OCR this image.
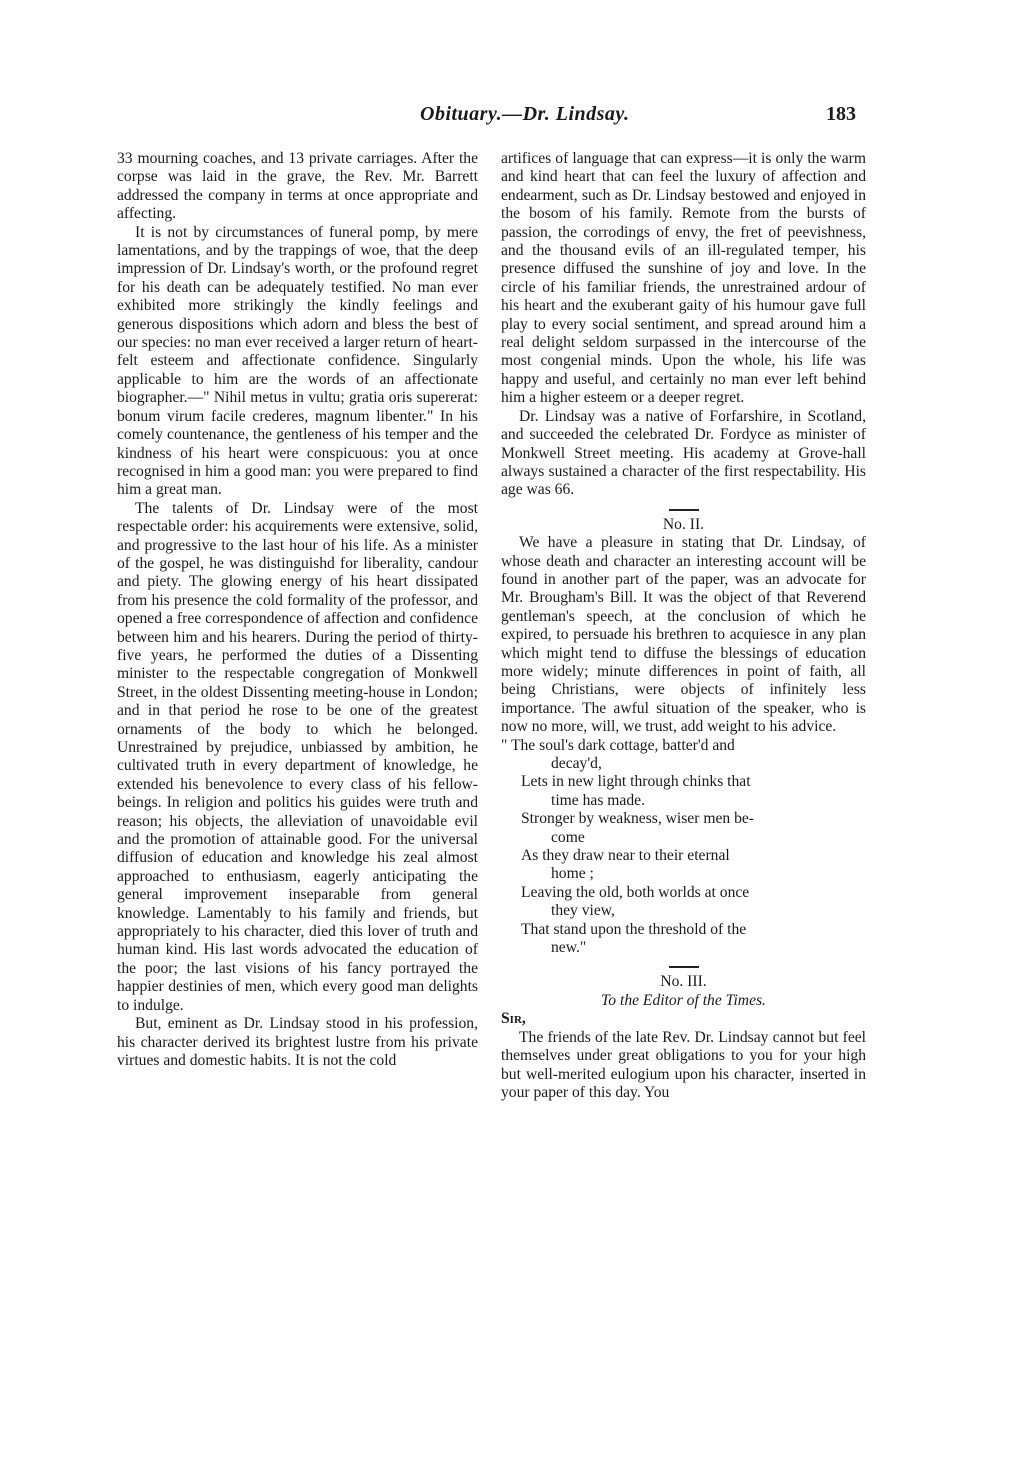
Obituary.—Dr. Lindsay.	183

33 mourning coaches, and 13 private carriages. After the corpse was laid in the grave, the Rev. Mr. Barrett addressed the company in terms at once appropriate and affecting.

It is not by circumstances of funeral pomp, by mere lamentations, and by the trappings of woe, that the deep impression of Dr. Lindsay's worth, or the profound regret for his death can be adequately testified. No man ever exhibited more strikingly the kindly feelings and generous dispositions which adorn and bless the best of our species: no man ever received a larger return of heart-felt esteem and affectionate confidence. Singularly applicable to him are the words of an affectionate biographer.—" Nihil metus in vultu; gratia oris supererat: bonum virum facile crederes, magnum libenter." In his comely countenance, the gentleness of his temper and the kindness of his heart were conspicuous: you at once recognised in him a good man: you were prepared to find him a great man.

The talents of Dr. Lindsay were of the most respectable order: his acquirements were extensive, solid, and progressive to the last hour of his life. As a minister of the gospel, he was distinguishd for liberality, candour and piety. The glowing energy of his heart dissipated from his presence the cold formality of the professor, and opened a free correspondence of affection and confidence between him and his hearers. During the period of thirty-five years, he performed the duties of a Dissenting minister to the respectable congregation of Monkwell Street, in the oldest Dissenting meeting-house in London; and in that period he rose to be one of the greatest ornaments of the body to which he belonged. Unrestrained by prejudice, unbiassed by ambition, he cultivated truth in every department of knowledge, he extended his benevolence to every class of his fellow-beings. In religion and politics his guides were truth and reason; his objects, the alleviation of unavoidable evil and the promotion of attainable good. For the universal diffusion of education and knowledge his zeal almost approached to enthusiasm, eagerly anticipating the general improvement inseparable from general knowledge. Lamentably to his family and friends, but appropriately to his character, died this lover of truth and human kind. His last words advocated the education of the poor; the last visions of his fancy portrayed the happier destinies of men, which every good man delights to indulge.

But, eminent as Dr. Lindsay stood in his profession, his character derived its brightest lustre from his private virtues and domestic habits. It is not the cold

artifices of language that can express—it is only the warm and kind heart that can feel the luxury of affection and endearment, such as Dr. Lindsay bestowed and enjoyed in the bosom of his family. Remote from the bursts of passion, the corrodings of envy, the fret of peevishness, and the thousand evils of an ill-regulated temper, his presence diffused the sunshine of joy and love. In the circle of his familiar friends, the unrestrained ardour of his heart and the exuberant gaity of his humour gave full play to every social sentiment, and spread around him a real delight seldom surpassed in the intercourse of the most congenial minds. Upon the whole, his life was happy and useful, and certainly no man ever left behind him a higher esteem or a deeper regret.

Dr. Lindsay was a native of Forfarshire, in Scotland, and succeeded the celebrated Dr. Fordyce as minister of Monkwell Street meeting. His academy at Grove-hall always sustained a character of the first respectability. His age was 66.

No. II.

We have a pleasure in stating that Dr. Lindsay, of whose death and character an interesting account will be found in another part of the paper, was an advocate for Mr. Brougham's Bill. It was the object of that Reverend gentleman's speech, at the conclusion of which he expired, to persuade his brethren to acquiesce in any plan which might tend to diffuse the blessings of education more widely; minute differences in point of faith, all being Christians, were objects of infinitely less importance. The awful situation of the speaker, who is now no more, will, we trust, add weight to his advice.

" The soul's dark cottage, batter'd and

decay'd,

Lets in new light through chinks that

time has made.

Stronger by weakness, wiser men be-

come

As they draw near to their eternal

home ;

Leaving the old, both worlds at once

they view,

That stand upon the threshold of the

new."

No. III.

To the Editor of the Times.

Sir,

The friends of the late Rev. Dr. Lindsay cannot but feel themselves under great obligations to you for your high but well-merited eulogium upon his character, inserted in your paper of this day. You
